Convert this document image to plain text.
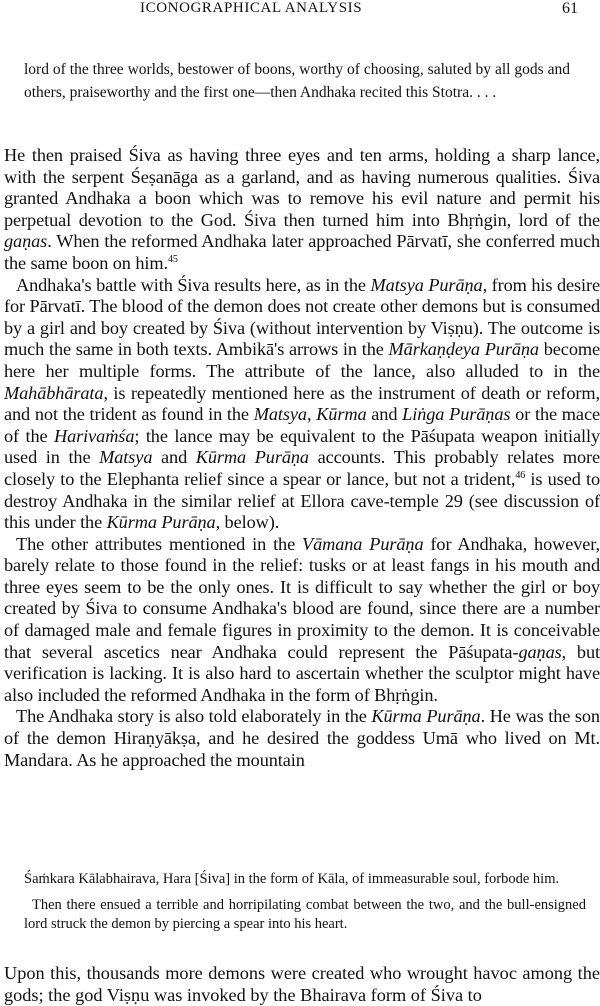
ICONOGRAPHICAL ANALYSIS	61

lord of the three worlds, bestower of boons, worthy of choosing, saluted by all gods and others, praiseworthy and the first one—then Andhaka recited this Stotra. . . .

He then praised Śiva as having three eyes and ten arms, holding a sharp lance, with the serpent Śeṣanāga as a garland, and as having numerous qualities. Śiva granted Andhaka a boon which was to remove his evil nature and permit his perpetual devotion to the God. Śiva then turned him into Bhṛṅgin, lord of the gaṇas. When the reformed Andhaka later approached Pārvatī, she conferred much the same boon on him.$^{45}$

Andhaka's battle with Śiva results here, as in the Matsya Purāṇa, from his desire for Pārvatī. The blood of the demon does not create other demons but is consumed by a girl and boy created by Śiva (without intervention by Viṣṇu). The outcome is much the same in both texts. Ambikā's arrows in the Mārkaṇḍeya Purāṇa become here her multiple forms. The attribute of the lance, also alluded to in the Mahābhārata, is repeatedly mentioned here as the instrument of death or reform, and not the trident as found in the Matsya, Kūrma and Liṅga Purāṇas or the mace of the Harivaṁśa; the lance may be equivalent to the Pāśupata weapon initially used in the Matsya and Kūrma Purāṇa accounts. This probably relates more closely to the Elephanta relief since a spear or lance, but not a trident,$^{46}$ is used to destroy Andhaka in the similar relief at Ellora cave-temple 29 (see discussion of this under the Kūrma Purāṇa, below).

The other attributes mentioned in the Vāmana Purāṇa for Andhaka, however, barely relate to those found in the relief: tusks or at least fangs in his mouth and three eyes seem to be the only ones. It is difficult to say whether the girl or boy created by Śiva to consume Andhaka's blood are found, since there are a number of damaged male and female figures in proximity to the demon. It is conceivable that several ascetics near Andhaka could represent the Pāśupata-gaṇas, but verification is lacking. It is also hard to ascertain whether the sculptor might have also included the reformed Andhaka in the form of Bhṛṅgin.

The Andhaka story is also told elaborately in the Kūrma Purāṇa. He was the son of the demon Hiraṇyākṣa, and he desired the goddess Umā who lived on Mt. Mandara. As he approached the mountain

Śaṁkara Kālabhairava, Hara [Śiva] in the form of Kāla, of immeasurable soul, forbode him.

Then there ensued a terrible and horripilating combat between the two, and the bull-ensigned lord struck the demon by piercing a spear into his heart.

Upon this, thousands more demons were created who wrought havoc among the gods; the god Viṣṇu was invoked by the Bhairava form of Śiva to
